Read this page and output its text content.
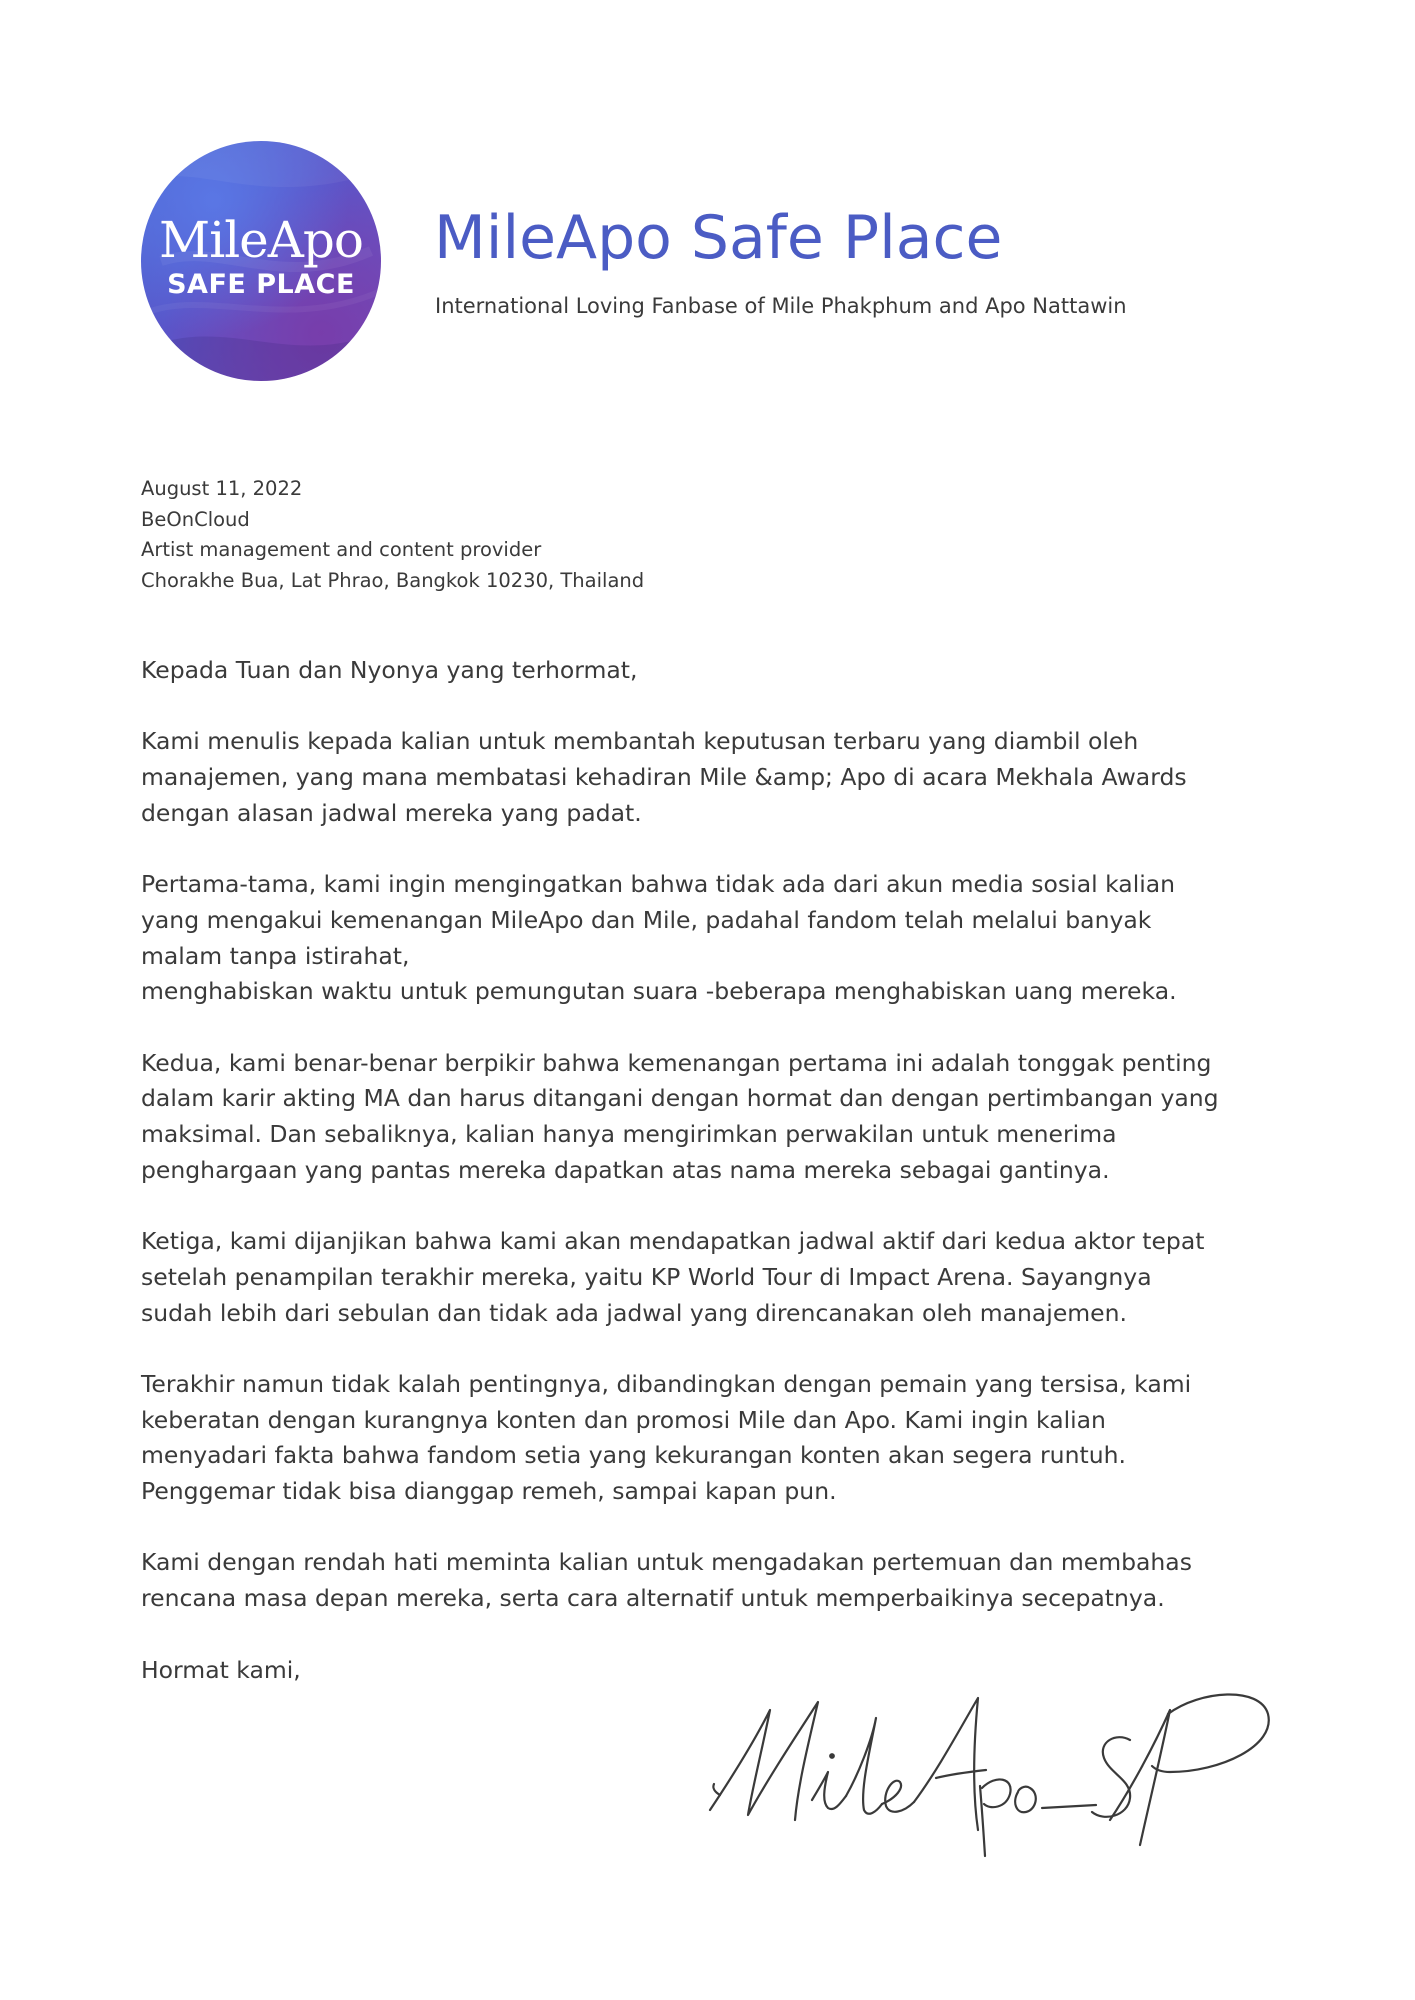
MileApo
SAFE PLACE
MileApo Safe Place
International Loving Fanbase of Mile Phakphum and Apo Nattawin
August 11, 2022
BeOnCloud
Artist management and content provider
Chorakhe Bua, Lat Phrao, Bangkok 10230, Thailand

Kepada Tuan dan Nyonya yang terhormat,

Kami menulis kepada kalian untuk membantah keputusan terbaru yang diambil oleh
manajemen, yang mana membatasi kehadiran Mile &amp; Apo di acara Mekhala Awards
dengan alasan jadwal mereka yang padat.

Pertama-tama, kami ingin mengingatkan bahwa tidak ada dari akun media sosial kalian
yang mengakui kemenangan MileApo dan Mile, padahal fandom telah melalui banyak
malam tanpa istirahat,
menghabiskan waktu untuk pemungutan suara -beberapa menghabiskan uang mereka.

Kedua, kami benar-benar berpikir bahwa kemenangan pertama ini adalah tonggak penting
dalam karir akting MA dan harus ditangani dengan hormat dan dengan pertimbangan yang
maksimal. Dan sebaliknya, kalian hanya mengirimkan perwakilan untuk menerima
penghargaan yang pantas mereka dapatkan atas nama mereka sebagai gantinya.

Ketiga, kami dijanjikan bahwa kami akan mendapatkan jadwal aktif dari kedua aktor tepat
setelah penampilan terakhir mereka, yaitu KP World Tour di Impact Arena. Sayangnya
sudah lebih dari sebulan dan tidak ada jadwal yang direncanakan oleh manajemen.

Terakhir namun tidak kalah pentingnya, dibandingkan dengan pemain yang tersisa, kami
keberatan dengan kurangnya konten dan promosi Mile dan Apo. Kami ingin kalian
menyadari fakta bahwa fandom setia yang kekurangan konten akan segera runtuh.
Penggemar tidak bisa dianggap remeh, sampai kapan pun.

Kami dengan rendah hati meminta kalian untuk mengadakan pertemuan dan membahas
rencana masa depan mereka, serta cara alternatif untuk memperbaikinya secepatnya.

Hormat kami,
